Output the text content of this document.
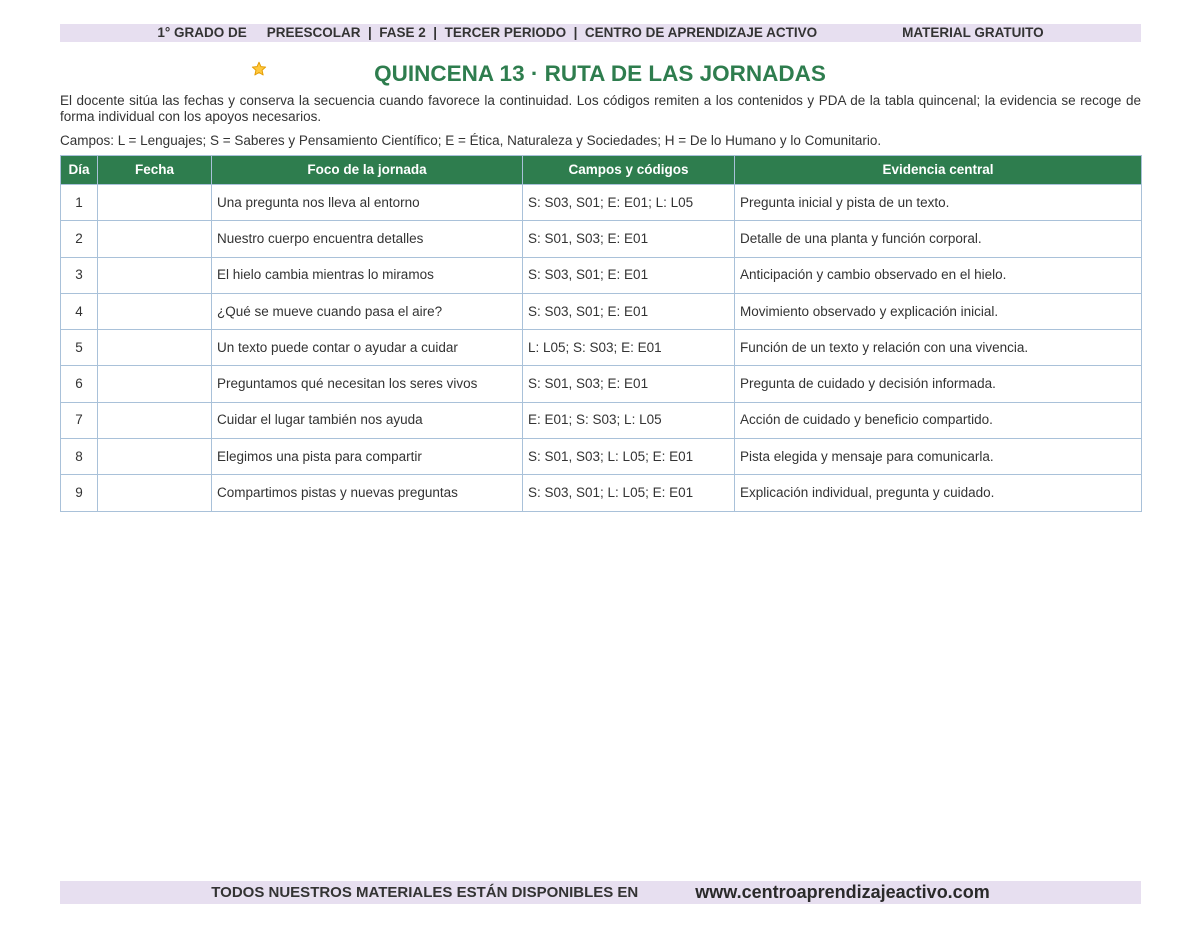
1° GRADO DE

PREESCOLAR  |  FASE 2  |  TERCER PERIODO  |  CENTRO DE APRENDIZAJE ACTIVO	MATERIAL GRATUITO
QUINCENA 13 · RUTA DE LAS JORNADAS

El docente sitúa las fechas y conserva la secuencia cuando favorece la continuidad. Los códigos remiten a los contenidos y PDA de la tabla quincenal; la evidencia se recoge de forma individual con los apoyos necesarios.

Campos: L = Lenguajes; S = Saberes y Pensamiento Científico; E = Ética, Naturaleza y Sociedades; H = De lo Humano y lo Comunitario.

Día	Fecha	Foco de la jornada	Campos y códigos	Evidencia central
1		Una pregunta nos lleva al entorno	S: S03, S01; E: E01; L: L05	Pregunta inicial y pista de un texto.
2		Nuestro cuerpo encuentra detalles	S: S01, S03; E: E01	Detalle de una planta y función corporal.
3		El hielo cambia mientras lo miramos	S: S03, S01; E: E01	Anticipación y cambio observado en el hielo.
4		¿Qué se mueve cuando pasa el aire?	S: S03, S01; E: E01	Movimiento observado y explicación inicial.
5		Un texto puede contar o ayudar a cuidar	L: L05; S: S03; E: E01	Función de un texto y relación con una vivencia.
6		Preguntamos qué necesitan los seres vivos	S: S01, S03; E: E01	Pregunta de cuidado y decisión informada.
7		Cuidar el lugar también nos ayuda	E: E01; S: S03; L: L05	Acción de cuidado y beneficio compartido.
8		Elegimos una pista para compartir	S: S01, S03; L: L05; E: E01	Pista elegida y mensaje para comunicarla.
9		Compartimos pistas y nuevas preguntas	S: S03, S01; L: L05; E: E01	Explicación individual, pregunta y cuidado.
TODOS NUESTROS MATERIALES ESTÁN DISPONIBLES EN	www.centroaprendizajeactivo.com
